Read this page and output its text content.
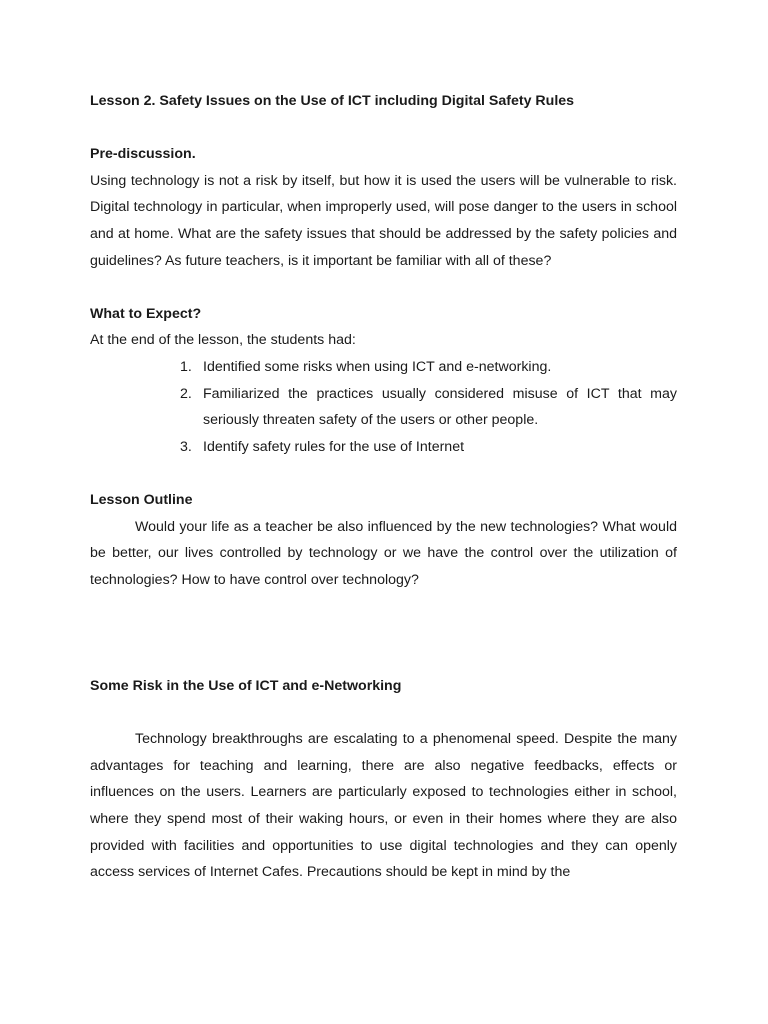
Lesson 2. Safety Issues on the Use of ICT including Digital Safety Rules

Pre-discussion.

Using technology is not a risk by itself, but how it is used the users will be vulnerable to risk. Digital technology in particular, when improperly used, will pose danger to the users in school and at home. What are the safety issues that should be addressed by the safety policies and guidelines? As future teachers, is it important be familiar with all of these?

What to Expect?

At the end of the lesson, the students had:

1. Identified some risks when using ICT and e-networking.
2. Familiarized the practices usually considered misuse of ICT that may seriously threaten safety of the users or other people.
3. Identify safety rules for the use of Internet

Lesson Outline

Would your life as a teacher be also influenced by the new technologies? What would be better, our lives controlled by technology or we have the control over the utilization of technologies? How to have control over technology?

Some Risk in the Use of ICT and e-Networking

Technology breakthroughs are escalating to a phenomenal speed. Despite the many advantages for teaching and learning, there are also negative feedbacks, effects or influences on the users. Learners are particularly exposed to technologies either in school, where they spend most of their waking hours, or even in their homes where they are also provided with facilities and opportunities to use digital technologies and they can openly access services of Internet Cafes. Precautions should be kept in mind by the
